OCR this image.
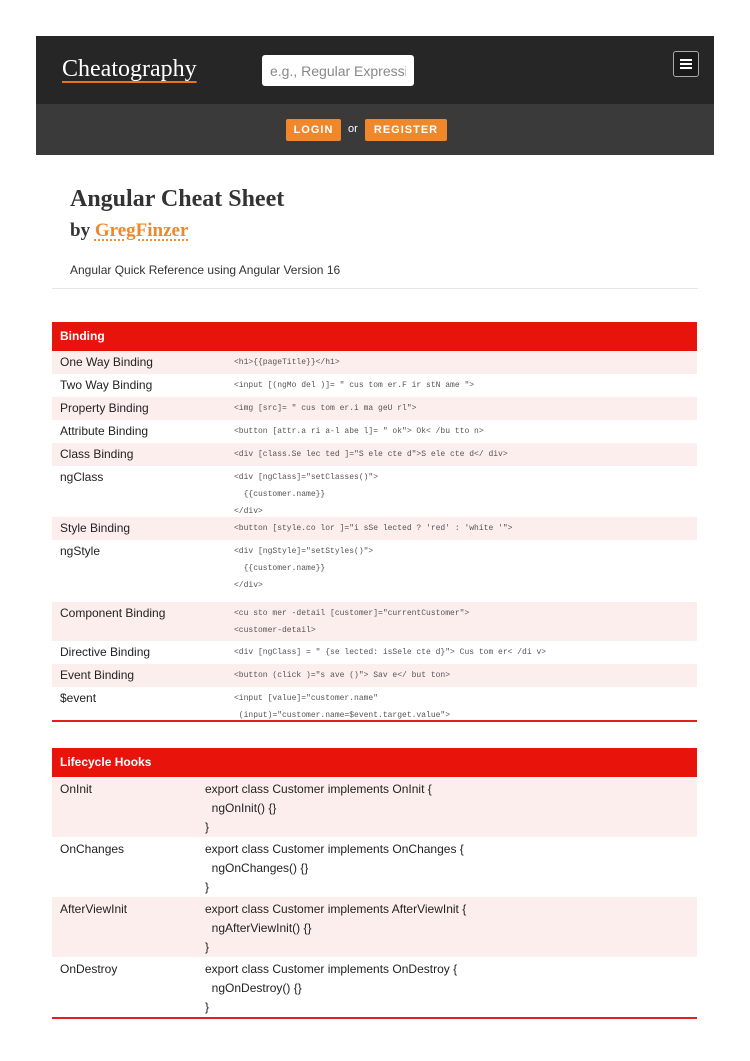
Cheatography
e.g., Regular Expression
LOGIN	or	REGISTER
Angular Cheat Sheet
by GregFinzer
Angular Quick Reference using Angular Version 16
Binding
One Way Binding	<h1>{{pageTitle}}</h1>
Two Way Binding	<input [(ngMo del )]= " cus tom er.F ir stN ame ">
Property Binding	<img [src]= " cus tom er.i ma geU rl">
Attribute Binding	<button [attr.a ri a-l abe l]= " ok"> Ok< /bu tto n>
Class Binding	<div [class.Se lec ted ]="S ele cte d">S ele cte d</ div>
ngClass	<div [ngClass]="setClasses()">
{{customer.name}}
</div>
Style Binding	<button [style.co lor ]="i sSe lected ? 'red' : 'white '">
ngStyle	<div [ngStyle]="setStyles()">
{{customer.name}}
</div>
Component Binding	<cu sto mer -detail [customer]="currentCustomer">
<customer-detail>
Directive Binding	<div [ngClass] = " {se lected: isSele cte d}"> Cus tom er< /di v>
Event Binding	<button (click )="s ave ()"> Sav e</ but ton>
$event	<input [value]="customer.name"
(input)="customer.name=$event.target.value">
Lifecycle Hooks
OnInit	export class Customer implements OnInit {
ngOnInit() {}
}
OnChanges	export class Customer implements OnChanges {
ngOnChanges() {}
}
AfterViewInit	export class Customer implements AfterViewInit {
ngAfterViewInit() {}
}
OnDestroy	export class Customer implements OnDestroy {
ngOnDestroy() {}
}
